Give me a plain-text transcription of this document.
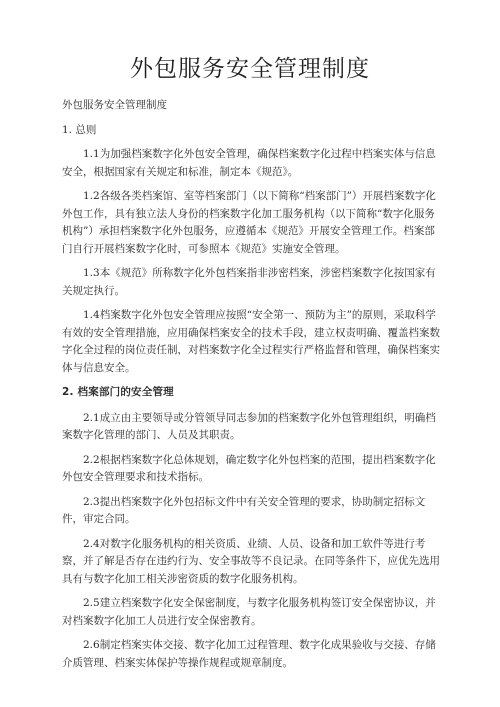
外包服务安全管理制度

外包服务安全管理制度

1. 总则

1.1为加强档案数字化外包安全管理，确保档案数字化过程中档案实体与信息安全，根据国家有关规定和标准，制定本《规范》。

1.2各级各类档案馆、室等档案部门（以下简称“档案部门”）开展档案数字化外包工作，具有独立法人身份的档案数字化加工服务机构（以下简称“数字化服务机构”）承担档案数字化外包服务，应遵循本《规范》开展安全管理工作。档案部门自行开展档案数字化时，可参照本《规范》实施安全管理。

1.3本《规范》所称数字化外包档案指非涉密档案，涉密档案数字化按国家有关规定执行。

1.4档案数字化外包安全管理应按照“安全第一、预防为主”的原则，采取科学有效的安全管理措施，应用确保档案安全的技术手段，建立权责明确、覆盖档案数字化全过程的岗位责任制，对档案数字化全过程实行严格监督和管理，确保档案实体与信息安全。

2. 档案部门的安全管理

2.1成立由主要领导或分管领导同志参加的档案数字化外包管理组织，明确档案数字化管理的部门、人员及其职责。

2.2根据档案数字化总体规划，确定数字化外包档案的范围，提出档案数字化外包安全管理要求和技术指标。

2.3提出档案数字化外包招标文件中有关安全管理的要求，协助制定招标文件，审定合同。

2.4对数字化服务机构的相关资质、业绩、人员、设备和加工软件等进行考察，并了解是否存在违约行为、安全事故等不良记录。在同等条件下，应优先选用具有与数字化加工相关涉密资质的数字化服务机构。

2.5建立档案数字化安全保密制度，与数字化服务机构签订安全保密协议，并对档案数字化加工人员进行安全保密教育。

2.6制定档案实体交接、数字化加工过程管理、数字化成果验收与交接、存储介质管理、档案实体保护等操作规程或规章制度。
